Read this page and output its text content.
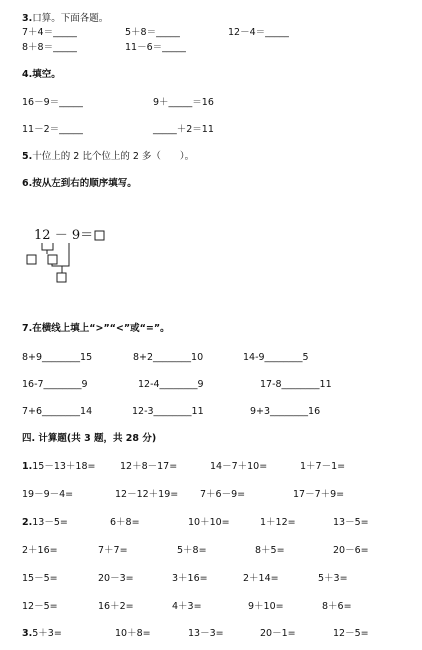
3.口算。下面各题。
7＋4＝_____	5＋8＝_____	12－4＝_____
8＋8＝_____	11－6＝_____
4.填空。
16－9＝_____	9＋_____＝16
11－2＝_____	_____＋2＝11
5.十位上的 2 比个位上的 2 多（　　）。
6.按从左到右的顺序填写。
12 － 9＝
7.在横线上填上“>”“<”或“=”。
8+9________15	8+2________10	14-9________5
16-7________9	12-4________9	17-8________11
7+6________14	12-3________11	9+3________16
四. 计算题(共 3 题，共 28 分)
1.15－13＋18=	12＋8－17=	14－7＋10=	1＋7－1=
19－9－4=	12－12＋19= 7＋6－9=	17－7＋9=
2.13－5=	6＋8=	10＋10=	1＋12=	13－5=
2＋16=	7＋7=	5＋8=	8＋5=	20－6=
15－5=	20－3=	3＋16=	2＋14=	5＋3=
12－5=	16＋2=	4＋3=	9＋10=	8＋6=
3.5＋3=	10＋8=	13－3=	20－1=	12－5=
